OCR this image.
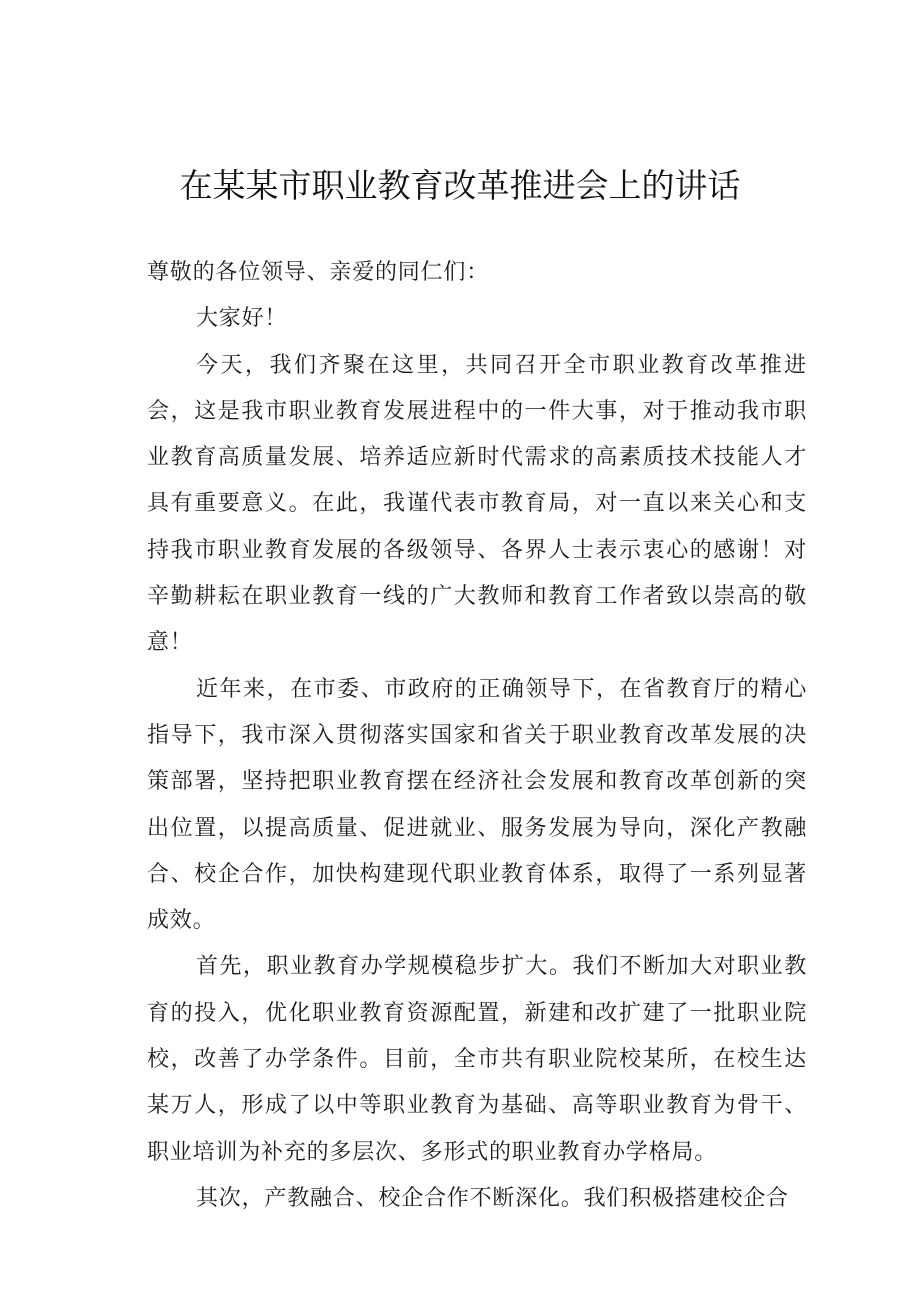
在某某市职业教育改革推进会上的讲话

尊敬的各位领导、亲爱的同仁们：

大家好！

今天，我们齐聚在这里，共同召开全市职业教育改革推进会，这是我市职业教育发展进程中的一件大事，对于推动我市职业教育高质量发展、培养适应新时代需求的高素质技术技能人才具有重要意义。在此，我谨代表市教育局，对一直以来关心和支持我市职业教育发展的各级领导、各界人士表示衷心的感谢！对辛勤耕耘在职业教育一线的广大教师和教育工作者致以崇高的敬意！

近年来，在市委、市政府的正确领导下，在省教育厅的精心指导下，我市深入贯彻落实国家和省关于职业教育改革发展的决策部署，坚持把职业教育摆在经济社会发展和教育改革创新的突出位置，以提高质量、促进就业、服务发展为导向，深化产教融合、校企合作，加快构建现代职业教育体系，取得了一系列显著成效。

首先，职业教育办学规模稳步扩大。我们不断加大对职业教育的投入，优化职业教育资源配置，新建和改扩建了一批职业院校，改善了办学条件。目前，全市共有职业院校某所，在校生达某万人，形成了以中等职业教育为基础、高等职业教育为骨干、职业培训为补充的多层次、多形式的职业教育办学格局。

其次，产教融合、校企合作不断深化。我们积极搭建校企合
